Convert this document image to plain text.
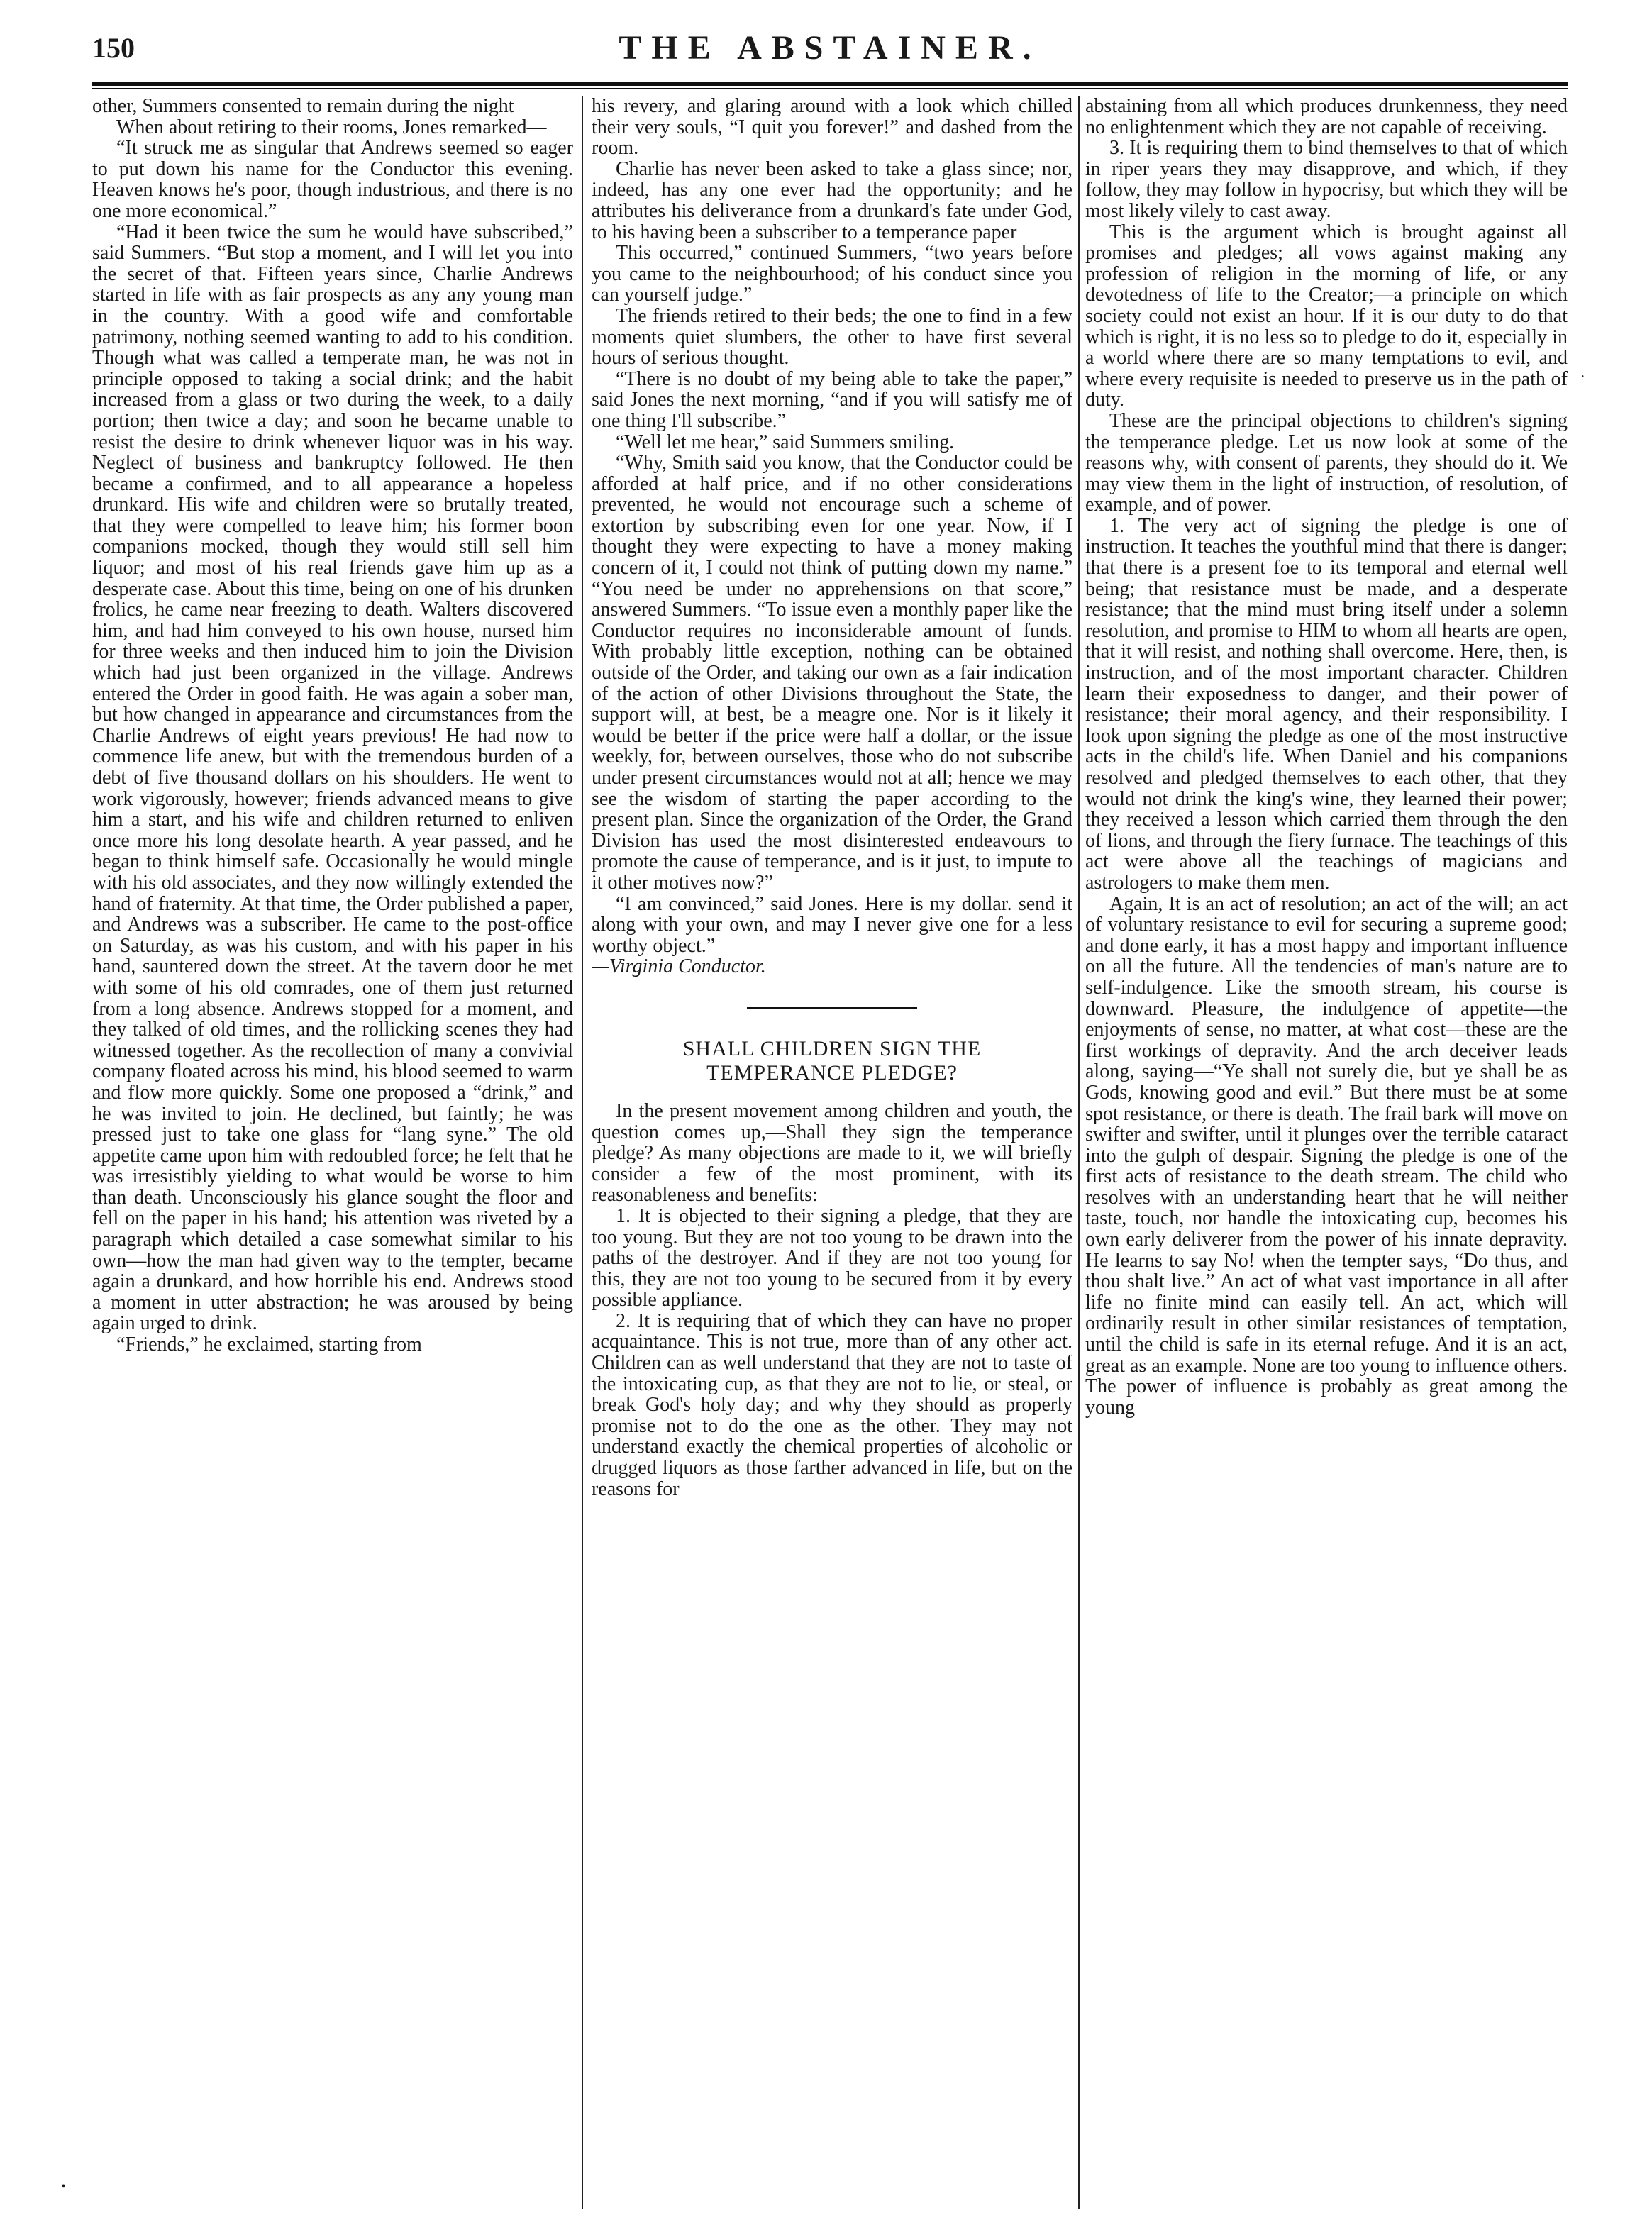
150	THE ABSTAINER.

other, Summers consented to remain during the night

When about retiring to their rooms, Jones remarked—

“It struck me as singular that Andrews seemed so eager to put down his name for the Conductor this evening. Heaven knows he's poor, though industrious, and there is no one more economical.”

“Had it been twice the sum he would have subscribed,” said Summers. “But stop a moment, and I will let you into the secret of that. Fifteen years since, Charlie Andrews started in life with as fair prospects as any any young man in the country. With a good wife and comfortable patrimony, nothing seemed wanting to add to his condition. Though what was called a temperate man, he was not in principle opposed to taking a social drink; and the habit increased from a glass or two during the week, to a daily portion; then twice a day; and soon he became unable to resist the desire to drink whenever liquor was in his way. Neglect of business and bankruptcy followed. He then became a confirmed, and to all appearance a hopeless drunkard. His wife and children were so brutally treated, that they were compelled to leave him; his former boon companions mocked, though they would still sell him liquor; and most of his real friends gave him up as a desperate case. About this time, being on one of his drunken frolics, he came near freezing to death. Walters discovered him, and had him conveyed to his own house, nursed him for three weeks and then induced him to join the Division which had just been organized in the village. Andrews entered the Order in good faith. He was again a sober man, but how changed in appearance and circumstances from the Charlie Andrews of eight years previous! He had now to commence life anew, but with the tremendous burden of a debt of five thousand dollars on his shoulders. He went to work vigorously, however; friends advanced means to give him a start, and his wife and children returned to enliven once more his long desolate hearth. A year passed, and he began to think himself safe. Occasionally he would mingle with his old associates, and they now willingly extended the hand of fraternity. At that time, the Order published a paper, and Andrews was a subscriber. He came to the post-office on Saturday, as was his custom, and with his paper in his hand, sauntered down the street. At the tavern door he met with some of his old comrades, one of them just returned from a long absence. Andrews stopped for a moment, and they talked of old times, and the rollicking scenes they had witnessed together. As the recollection of many a convivial company floated across his mind, his blood seemed to warm and flow more quickly. Some one proposed a “drink,” and he was invited to join. He declined, but faintly; he was pressed just to take one glass for “lang syne.” The old appetite came upon him with redoubled force; he felt that he was irresistibly yielding to what would be worse to him than death. Unconsciously his glance sought the floor and fell on the paper in his hand; his attention was riveted by a paragraph which detailed a case somewhat similar to his own—how the man had given way to the tempter, became again a drunkard, and how horrible his end. Andrews stood a moment in utter abstraction; he was aroused by being again urged to drink.

“Friends,” he exclaimed, starting from

his revery, and glaring around with a look which chilled their very souls, “I quit you forever!” and dashed from the room.

Charlie has never been asked to take a glass since; nor, indeed, has any one ever had the opportunity; and he attributes his deliverance from a drunkard's fate under God, to his having been a subscriber to a temperance paper

This occurred,” continued Summers, “two years before you came to the neighbourhood; of his conduct since you can yourself judge.”

The friends retired to their beds; the one to find in a few moments quiet slumbers, the other to have first several hours of serious thought.

“There is no doubt of my being able to take the paper,” said Jones the next morning, “and if you will satisfy me of one thing I'll subscribe.”

“Well let me hear,” said Summers smiling.

“Why, Smith said you know, that the Conductor could be afforded at half price, and if no other considerations prevented, he would not encourage such a scheme of extortion by subscribing even for one year. Now, if I thought they were expecting to have a money making concern of it, I could not think of putting down my name.” “You need be under no apprehensions on that score,” answered Summers. “To issue even a monthly paper like the Conductor requires no inconsiderable amount of funds. With probably little exception, nothing can be obtained outside of the Order, and taking our own as a fair indication of the action of other Divisions throughout the State, the support will, at best, be a meagre one. Nor is it likely it would be better if the price were half a dollar, or the issue weekly, for, between ourselves, those who do not subscribe under present circumstances would not at all; hence we may see the wisdom of starting the paper according to the present plan. Since the organization of the Order, the Grand Division has used the most disinterested endeavours to promote the cause of temperance, and is it just, to impute to it other motives now?”

“I am convinced,” said Jones. Here is my dollar. send it along with your own, and may I never give one for a less worthy object.”

—Virginia Conductor.

SHALL CHILDREN SIGN THE
TEMPERANCE PLEDGE?

In the present movement among children and youth, the question comes up,—Shall they sign the temperance pledge? As many objections are made to it, we will briefly consider a few of the most prominent, with its reasonableness and benefits:

1. It is objected to their signing a pledge, that they are too young. But they are not too young to be drawn into the paths of the destroyer. And if they are not too young for this, they are not too young to be secured from it by every possible appliance.

2. It is requiring that of which they can have no proper acquaintance. This is not true, more than of any other act. Children can as well understand that they are not to taste of the intoxicating cup, as that they are not to lie, or steal, or break God's holy day; and why they should as properly promise not to do the one as the other. They may not understand exactly the chemical properties of alcoholic or drugged liquors as those farther advanced in life, but on the reasons for

abstaining from all which produces drunkenness, they need no enlightenment which they are not capable of receiving.

3. It is requiring them to bind themselves to that of which in riper years they may disapprove, and which, if they follow, they may follow in hypocrisy, but which they will be most likely vilely to cast away.

This is the argument which is brought against all promises and pledges; all vows against making any profession of religion in the morning of life, or any devotedness of life to the Creator;—a principle on which society could not exist an hour. If it is our duty to do that which is right, it is no less so to pledge to do it, especially in a world where there are so many temptations to evil, and where every requisite is needed to preserve us in the path of duty.

These are the principal objections to children's signing the temperance pledge. Let us now look at some of the reasons why, with consent of parents, they should do it. We may view them in the light of instruction, of resolution, of example, and of power.

1. The very act of signing the pledge is one of instruction. It teaches the youthful mind that there is danger; that there is a present foe to its temporal and eternal well being; that resistance must be made, and a desperate resistance; that the mind must bring itself under a solemn resolution, and promise to HIM to whom all hearts are open, that it will resist, and nothing shall overcome. Here, then, is instruction, and of the most important character. Children learn their exposedness to danger, and their power of resistance; their moral agency, and their responsibility. I look upon signing the pledge as one of the most instructive acts in the child's life. When Daniel and his companions resolved and pledged themselves to each other, that they would not drink the king's wine, they learned their power; they received a lesson which carried them through the den of lions, and through the fiery furnace. The teachings of this act were above all the teachings of magicians and astrologers to make them men.

Again, It is an act of resolution; an act of the will; an act of voluntary resistance to evil for securing a supreme good; and done early, it has a most happy and important influence on all the future. All the tendencies of man's nature are to self-indulgence. Like the smooth stream, his course is downward. Pleasure, the indulgence of appetite—the enjoyments of sense, no matter, at what cost—these are the first workings of depravity. And the arch deceiver leads along, saying—“Ye shall not surely die, but ye shall be as Gods, knowing good and evil.” But there must be at some spot resistance, or there is death. The frail bark will move on swifter and swifter, until it plunges over the terrible cataract into the gulph of despair. Signing the pledge is one of the first acts of resistance to the death stream. The child who resolves with an understanding heart that he will neither taste, touch, nor handle the intoxicating cup, becomes his own early deliverer from the power of his innate depravity. He learns to say No! when the tempter says, “Do thus, and thou shalt live.” An act of what vast importance in all after life no finite mind can easily tell. An act, which will ordinarily result in other similar resistances of temptation, until the child is safe in its eternal refuge. And it is an act, great as an example. None are too young to influence others. The power of influence is probably as great among the young

•
·
